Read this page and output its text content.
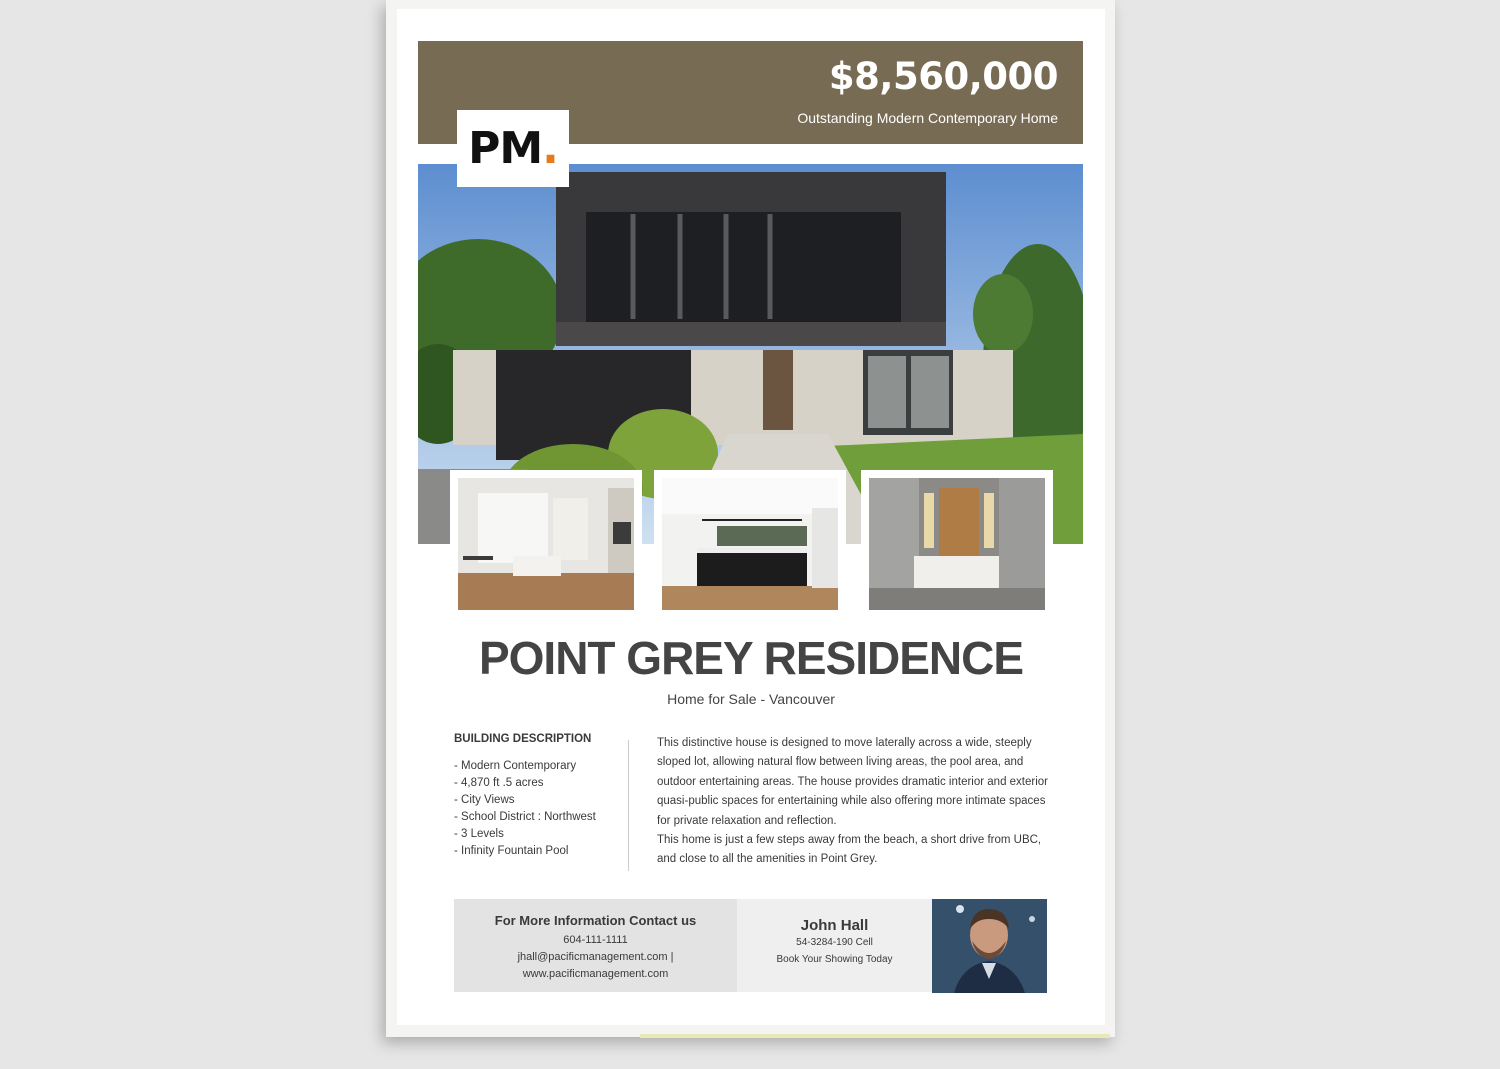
$8,560,000
Outstanding Modern Contemporary Home
PM.
POINT GREY RESIDENCE
Home for Sale - Vancouver
BUILDING DESCRIPTION
- Modern Contemporary
- 4,870 ft .5 acres
- City Views
- School District : Northwest
- 3 Levels
- Infinity Fountain Pool

This distinctive house is designed to move laterally across a wide, steeply sloped lot, allowing natural flow between living areas, the pool area, and outdoor entertaining areas. The house provides dramatic interior and exterior quasi-public spaces for entertaining while also offering more intimate spaces for private relaxation and reflection.

This home is just a few steps away from the beach, a short drive from UBC, and close to all the amenities in Point Grey.

For More Information Contact us
604-111-1111
jhall@pacificmanagement.com |
www.pacificmanagement.com
John Hall
54-3284-190 Cell
Book Your Showing Today
